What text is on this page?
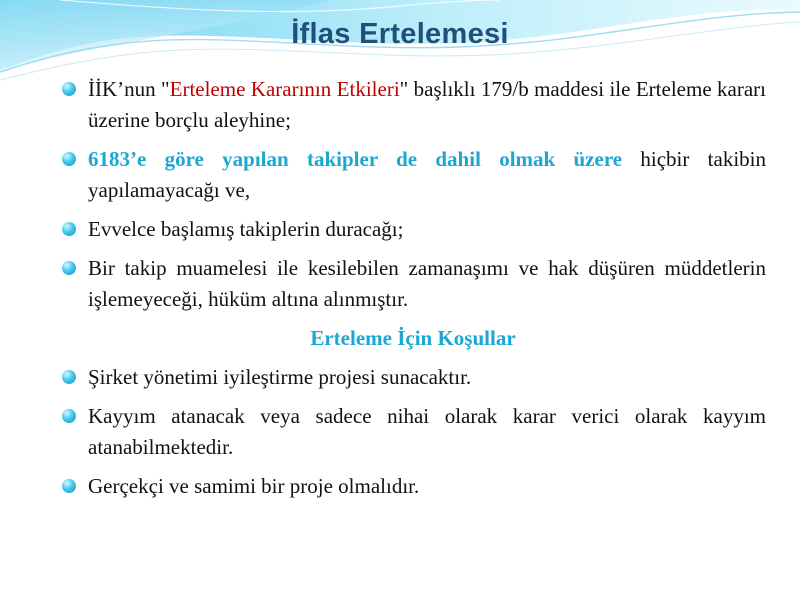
İflas Ertelemesi
İİK’nun "Erteleme Kararının Etkileri" başlıklı 179/b maddesi ile Erteleme kararı üzerine borçlu aleyhine;
6183’e göre yapılan takipler de dahil olmak üzere hiçbir takibin yapılamayacağı ve,
Evvelce başlamış takiplerin duracağı;
Bir takip muamelesi ile kesilebilen zamanaşımı ve hak düşüren müddetlerin işlemeyeceği, hüküm altına alınmıştır.
Erteleme İçin Koşullar
Şirket yönetimi iyileştirme projesi sunacaktır.
Kayyım atanacak veya sadece nihai olarak karar verici olarak kayyım atanabilmektedir.
Gerçekçi ve samimi bir proje olmalıdır.
